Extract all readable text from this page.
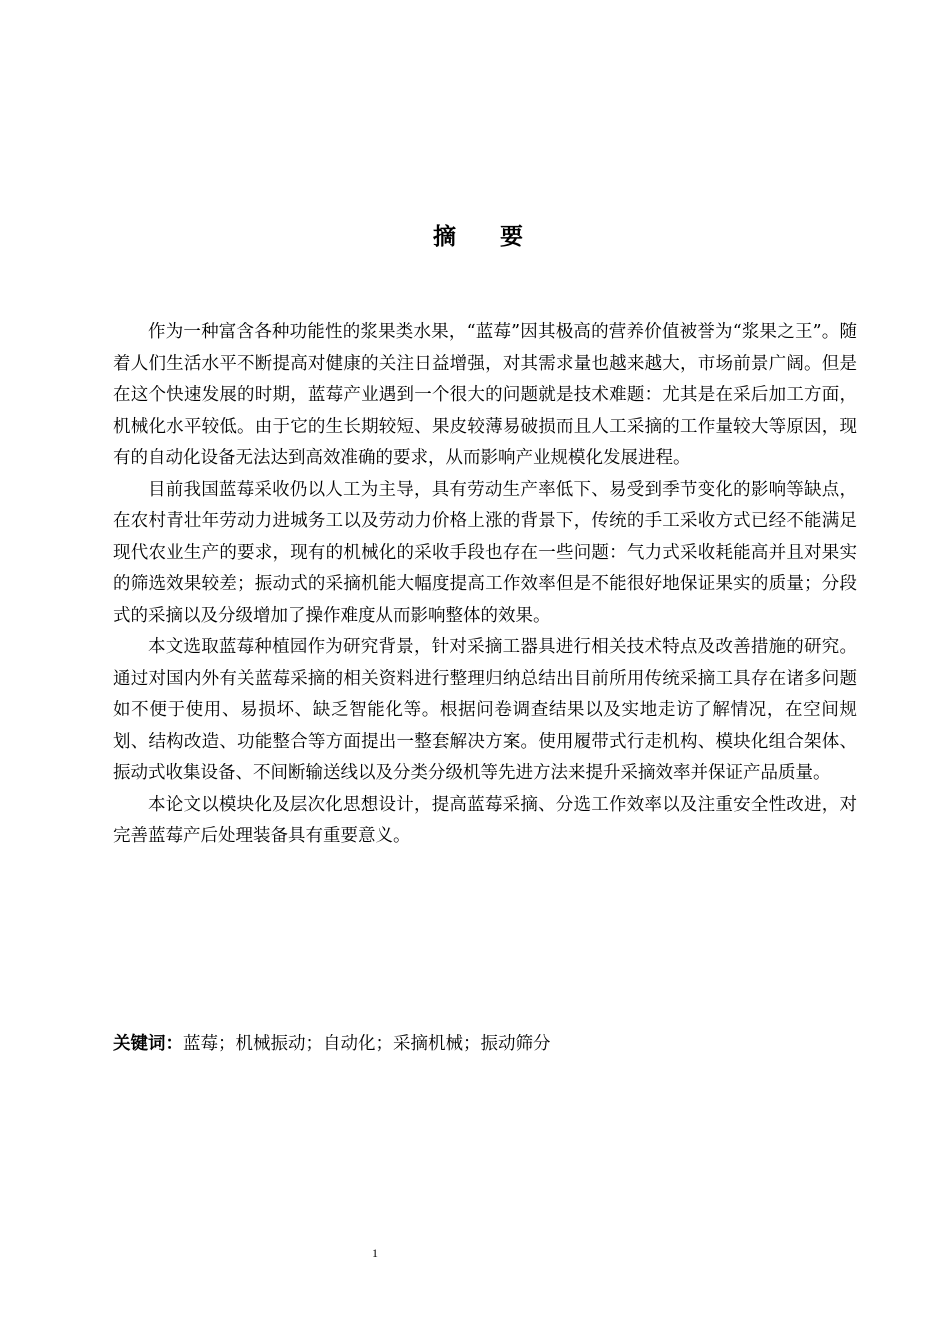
摘要

作为一种富含各种功能性的浆果类水果，“蓝莓”因其极高的营养价值被誉为“浆果之王”。随着人们生活水平不断提高对健康的关注日益增强，对其需求量也越来越大，市场前景广阔。但是在这个快速发展的时期，蓝莓产业遇到一个很大的问题就是技术难题：尤其是在采后加工方面，机械化水平较低。由于它的生长期较短、果皮较薄易破损而且人工采摘的工作量较大等原因，现有的自动化设备无法达到高效准确的要求，从而影响产业规模化发展进程。

目前我国蓝莓采收仍以人工为主导，具有劳动生产率低下、易受到季节变化的影响等缺点，在农村青壮年劳动力进城务工以及劳动力价格上涨的背景下，传统的手工采收方式已经不能满足现代农业生产的要求，现有的机械化的采收手段也存在一些问题：气力式采收耗能高并且对果实的筛选效果较差；振动式的采摘机能大幅度提高工作效率但是不能很好地保证果实的质量；分段式的采摘以及分级增加了操作难度从而影响整体的效果。

本文选取蓝莓种植园作为研究背景，针对采摘工器具进行相关技术特点及改善措施的研究。通过对国内外有关蓝莓采摘的相关资料进行整理归纳总结出目前所用传统采摘工具存在诸多问题如不便于使用、易损坏、缺乏智能化等。根据问卷调查结果以及实地走访了解情况，在空间规划、结构改造、功能整合等方面提出一整套解决方案。使用履带式行走机构、模块化组合架体、振动式收集设备、不间断输送线以及分类分级机等先进方法来提升采摘效率并保证产品质量。

本论文以模块化及层次化思想设计，提高蓝莓采摘、分选工作效率以及注重安全性改进，对完善蓝莓产后处理装备具有重要意义。

关键词：蓝莓；机械振动；自动化；采摘机械；振动筛分
1
